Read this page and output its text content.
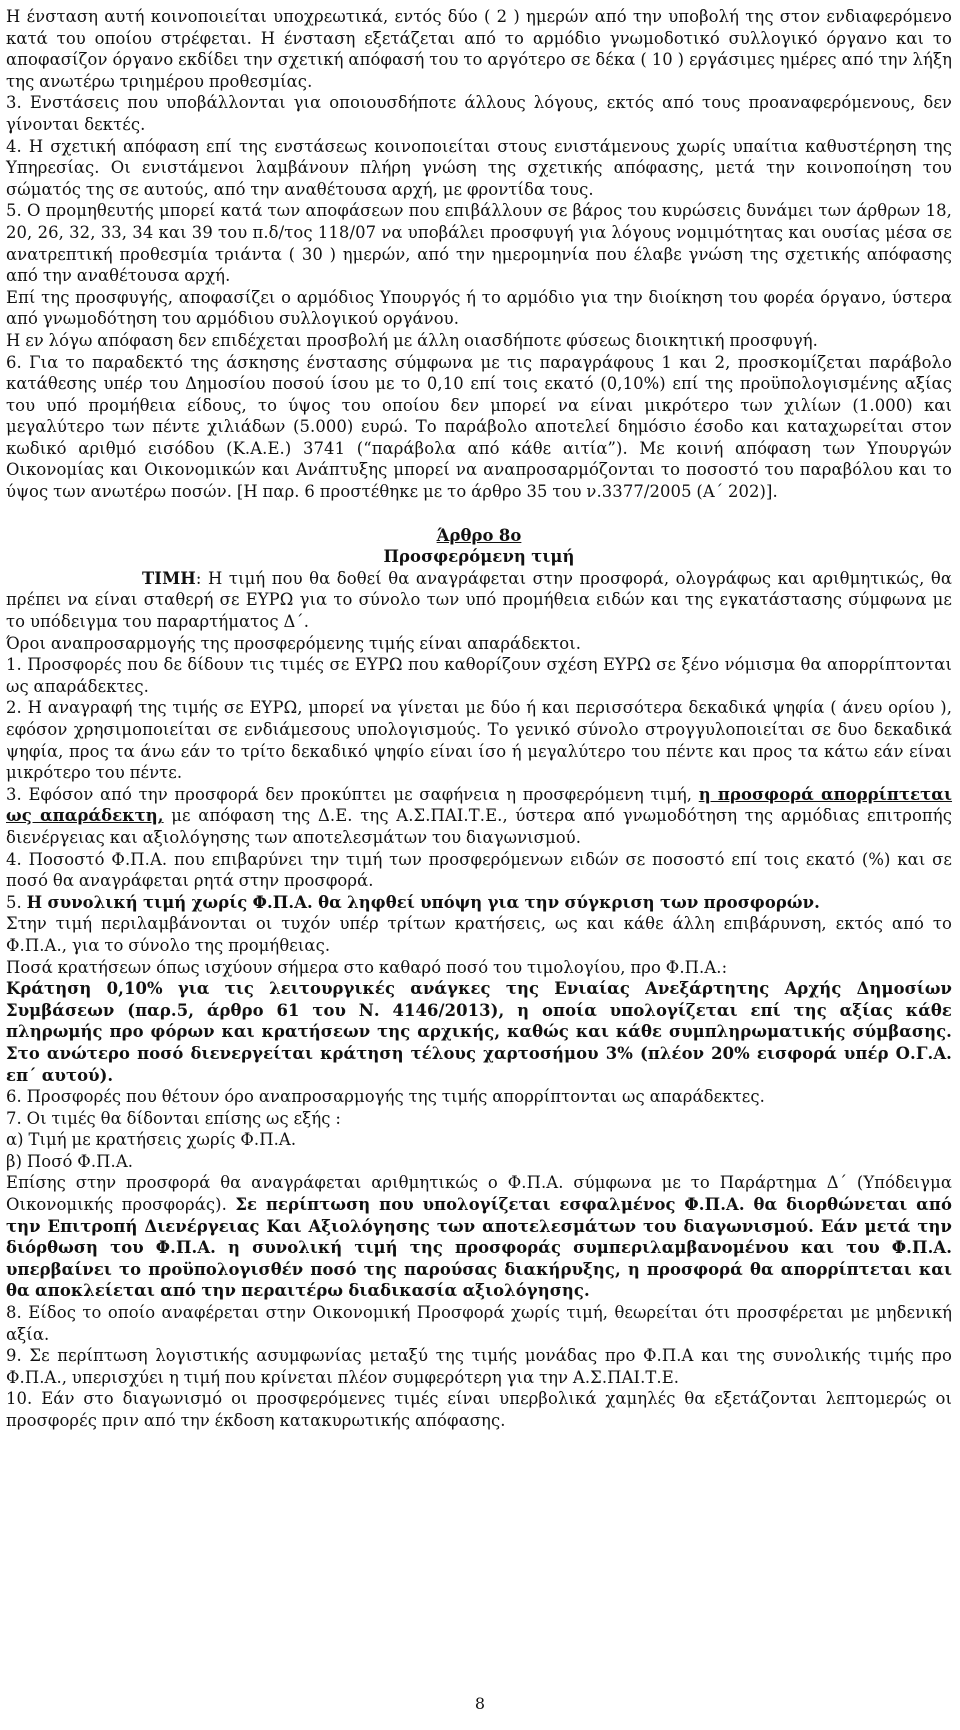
Η ένσταση αυτή κοινοποιείται υποχρεωτικά, εντός δύο ( 2 ) ημερών από την υποβολή της στον ενδιαφερόμενο κατά του οποίου στρέφεται. Η ένσταση εξετάζεται από το αρμόδιο γνωμοδοτικό συλλογικό όργανο και το αποφασίζον όργανο εκδίδει την σχετική απόφασή του το αργότερο σε δέκα ( 10 ) εργάσιμες ημέρες από την λήξη της ανωτέρω τριημέρου προθεσμίας.

3. Ενστάσεις που υποβάλλονται για οποιουσδήποτε άλλους λόγους, εκτός από τους προαναφερόμενους, δεν γίνονται δεκτές.

4. Η σχετική απόφαση επί της ενστάσεως κοινοποιείται στους ενιστάμενους χωρίς υπαίτια καθυστέρηση της Υπηρεσίας. Οι ενιστάμενοι λαμβάνουν πλήρη γνώση της σχετικής απόφασης, μετά την κοινοποίηση του σώματός της σε αυτούς, από την αναθέτουσα αρχή, με φροντίδα τους.

5. Ο προμηθευτής μπορεί κατά των αποφάσεων που επιβάλλουν σε βάρος του κυρώσεις δυνάμει των άρθρων 18, 20, 26, 32, 33, 34 και 39 του π.δ/τος 118/07 να υποβάλει προσφυγή για λόγους νομιμότητας και ουσίας μέσα σε ανατρεπτική προθεσμία τριάντα ( 30 ) ημερών, από την ημερομηνία που έλαβε γνώση της σχετικής απόφασης από την αναθέτουσα αρχή.

Επί της προσφυγής, αποφασίζει ο αρμόδιος Υπουργός ή το αρμόδιο για την διοίκηση του φορέα όργανο, ύστερα από γνωμοδότηση του αρμόδιου συλλογικού οργάνου.

Η εν λόγω απόφαση δεν επιδέχεται προσβολή με άλλη οιασδήποτε φύσεως διοικητική προσφυγή.

6. Για το παραδεκτό της άσκησης ένστασης σύμφωνα με τις παραγράφους 1 και 2, προσκομίζεται παράβολο κατάθεσης υπέρ του Δημοσίου ποσού ίσου με το 0,10 επί τοις εκατό (0,10%) επί της προϋπολογισμένης αξίας του υπό προμήθεια είδους, το ύψος του οποίου δεν μπορεί να είναι μικρότερο των χιλίων (1.000) και μεγαλύτερο των πέντε χιλιάδων (5.000) ευρώ. Το παράβολο αποτελεί δημόσιο έσοδο και καταχωρείται στον κωδικό αριθμό εισόδου (Κ.Α.Ε.) 3741 (“παράβολα από κάθε αιτία”). Με κοινή απόφαση των Υπουργών Οικονομίας και Οικονομικών και Ανάπτυξης μπορεί να αναπροσαρμόζονται το ποσοστό του παραβόλου και το ύψος των ανωτέρω ποσών. [Η παρ. 6 προστέθηκε με το άρθρο 35 του ν.3377/2005 (Α΄ 202)].

Άρθρο 8ο

Προσφερόμενη τιμή

ΤΙΜΗ: Η τιμή που θα δοθεί θα αναγράφεται στην προσφορά, ολογράφως και αριθμητικώς, θα πρέπει να είναι σταθερή σε ΕΥΡΩ για το σύνολο των υπό προμήθεια ειδών και της εγκατάστασης σύμφωνα με το υπόδειγμα του παραρτήματος Δ΄.

Όροι αναπροσαρμογής της προσφερόμενης τιμής είναι απαράδεκτοι.

1. Προσφορές που δε δίδουν τις τιμές σε ΕΥΡΩ που καθορίζουν σχέση ΕΥΡΩ σε ξένο νόμισμα θα απορρίπτονται ως απαράδεκτες.

2. Η αναγραφή της τιμής σε ΕΥΡΩ, μπορεί να γίνεται με δύο ή και περισσότερα δεκαδικά ψηφία ( άνευ ορίου ), εφόσον χρησιμοποιείται σε ενδιάμεσους υπολογισμούς. Το γενικό σύνολο στρογγυλοποιείται σε δυο δεκαδικά ψηφία, προς τα άνω εάν το τρίτο δεκαδικό ψηφίο είναι ίσο ή μεγαλύτερο του πέντε και προς τα κάτω εάν είναι μικρότερο του πέντε.

3. Εφόσον από την προσφορά δεν προκύπτει με σαφήνεια η προσφερόμενη τιμή, η προσφορά απορρίπτεται ως απαράδεκτη, με απόφαση της Δ.Ε. της Α.Σ.ΠΑΙ.Τ.Ε., ύστερα από γνωμοδότηση της αρμόδιας επιτροπής διενέργειας και αξιολόγησης των αποτελεσμάτων του διαγωνισμού.

4. Ποσοστό Φ.Π.Α. που επιβαρύνει την τιμή των προσφερόμενων ειδών σε ποσοστό επί τοις εκατό (%) και σε ποσό θα αναγράφεται ρητά στην προσφορά.

5. Η συνολική τιμή χωρίς Φ.Π.Α. θα ληφθεί υπόψη για την σύγκριση των προσφορών.

Στην τιμή περιλαμβάνονται οι τυχόν υπέρ τρίτων κρατήσεις, ως και κάθε άλλη επιβάρυνση, εκτός από το Φ.Π.Α., για το σύνολο της προμήθειας.

Ποσά κρατήσεων όπως ισχύουν σήμερα στο καθαρό ποσό του τιμολογίου, προ Φ.Π.Α.:

Κράτηση 0,10% για τις λειτουργικές ανάγκες της Ενιαίας Ανεξάρτητης Αρχής Δημοσίων Συμβάσεων (παρ.5, άρθρο 61 του Ν. 4146/2013), η οποία υπολογίζεται επί της αξίας κάθε πληρωμής προ φόρων και κρατήσεων της αρχικής, καθώς και κάθε συμπληρωματικής σύμβασης. Στο ανώτερο ποσό διενεργείται κράτηση τέλους χαρτοσήμου 3% (πλέον 20% εισφορά υπέρ Ο.Γ.Α. επ΄ αυτού).

6. Προσφορές που θέτουν όρο αναπροσαρμογής της τιμής απορρίπτονται ως απαράδεκτες.

7. Οι τιμές θα δίδονται επίσης ως εξής :

α) Τιμή με κρατήσεις χωρίς Φ.Π.Α.

β) Ποσό Φ.Π.Α.

Επίσης στην προσφορά θα αναγράφεται αριθμητικώς ο Φ.Π.Α. σύμφωνα με το Παράρτημα Δ΄ (Υπόδειγμα Οικονομικής προσφοράς). Σε περίπτωση που υπολογίζεται εσφαλμένος Φ.Π.Α. θα διορθώνεται από την Επιτροπή Διενέργειας Και Αξιολόγησης των αποτελεσμάτων του διαγωνισμού. Εάν μετά την διόρθωση του Φ.Π.Α. η συνολική τιμή της προσφοράς συμπεριλαμβανομένου και του Φ.Π.Α. υπερβαίνει το προϋπολογισθέν ποσό της παρούσας διακήρυξης, η προσφορά θα απορρίπτεται και θα αποκλείεται από την περαιτέρω διαδικασία αξιολόγησης.

8. Είδος το οποίο αναφέρεται στην Οικονομική Προσφορά χωρίς τιμή, θεωρείται ότι προσφέρεται με μηδενική αξία.

9. Σε περίπτωση λογιστικής ασυμφωνίας μεταξύ της τιμής μονάδας προ Φ.Π.Α και της συνολικής τιμής προ Φ.Π.Α., υπερισχύει η τιμή που κρίνεται πλέον συμφερότερη για την Α.Σ.ΠΑΙ.Τ.Ε.

10. Εάν στο διαγωνισμό οι προσφερόμενες τιμές είναι υπερβολικά χαμηλές θα εξετάζονται λεπτομερώς οι προσφορές πριν από την έκδοση κατακυρωτικής απόφασης.

8
